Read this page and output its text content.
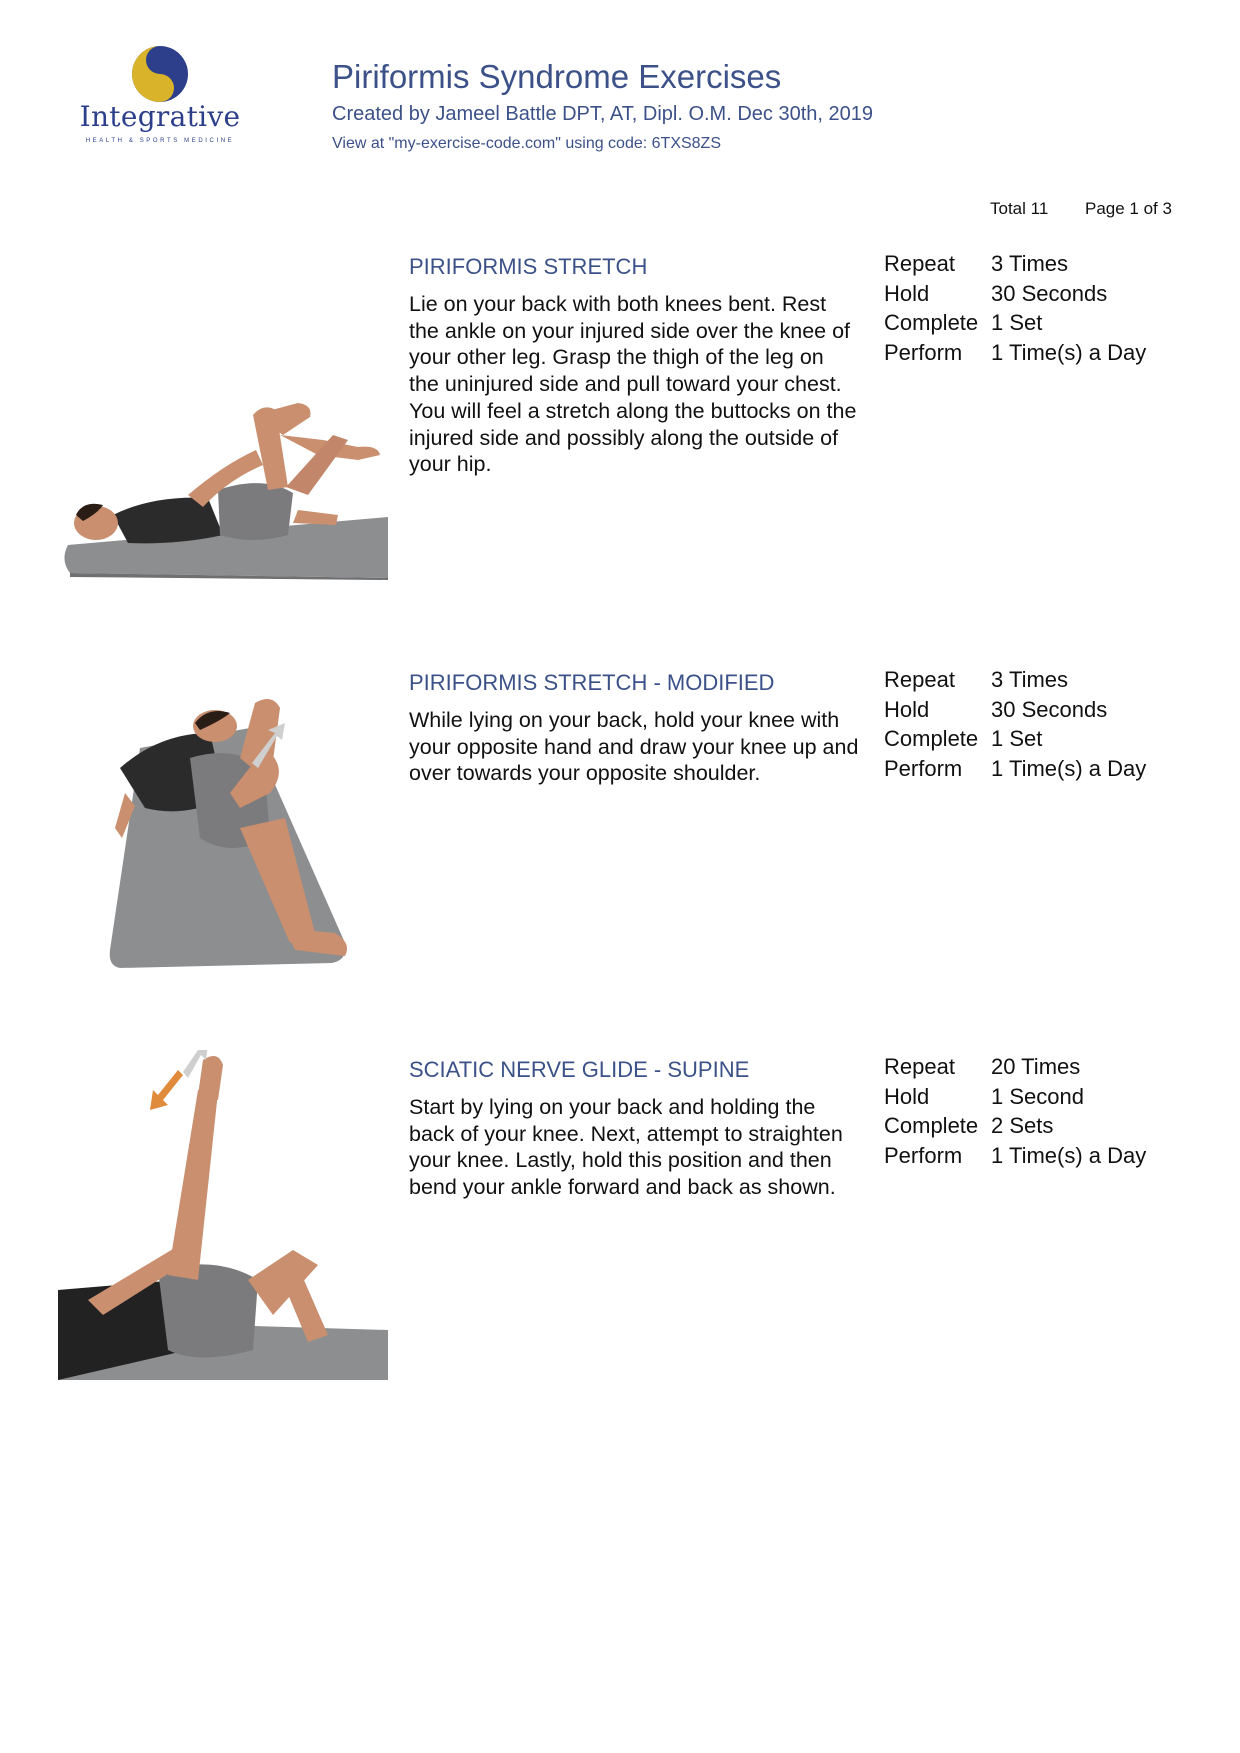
Integrative
HEALTH & SPORTS MEDICINE
Piriformis Syndrome Exercises
Created by Jameel Battle DPT, AT, Dipl. O.M. Dec 30th, 2019
View at "my-exercise-code.com" using code: 6TXS8ZS
Total 11 Page 1 of 3
PIRIFORMIS STRETCH
Lie on your back with both knees bent. Rest the ankle on your injured side over the knee of your other leg. Grasp the thigh of the leg on the uninjured side and pull toward your chest. You will feel a stretch along the buttocks on the injured side and possibly along the outside of your hip.
Repeat 3 Times
Hold	30 Seconds
Complete 1 Set
Perform 1 Time(s) a Day
PIRIFORMIS STRETCH - MODIFIED
While lying on your back, hold your knee with your opposite hand and draw your knee up and over towards your opposite shoulder.
Repeat 3 Times
Hold	30 Seconds
Complete 1 Set
Perform 1 Time(s) a Day
SCIATIC NERVE GLIDE - SUPINE
Start by lying on your back and holding the back of your knee. Next, attempt to straighten your knee. Lastly, hold this position and then bend your ankle forward and back as shown.
Repeat 20 Times
Hold	1 Second
Complete 2 Sets
Perform 1 Time(s) a Day
